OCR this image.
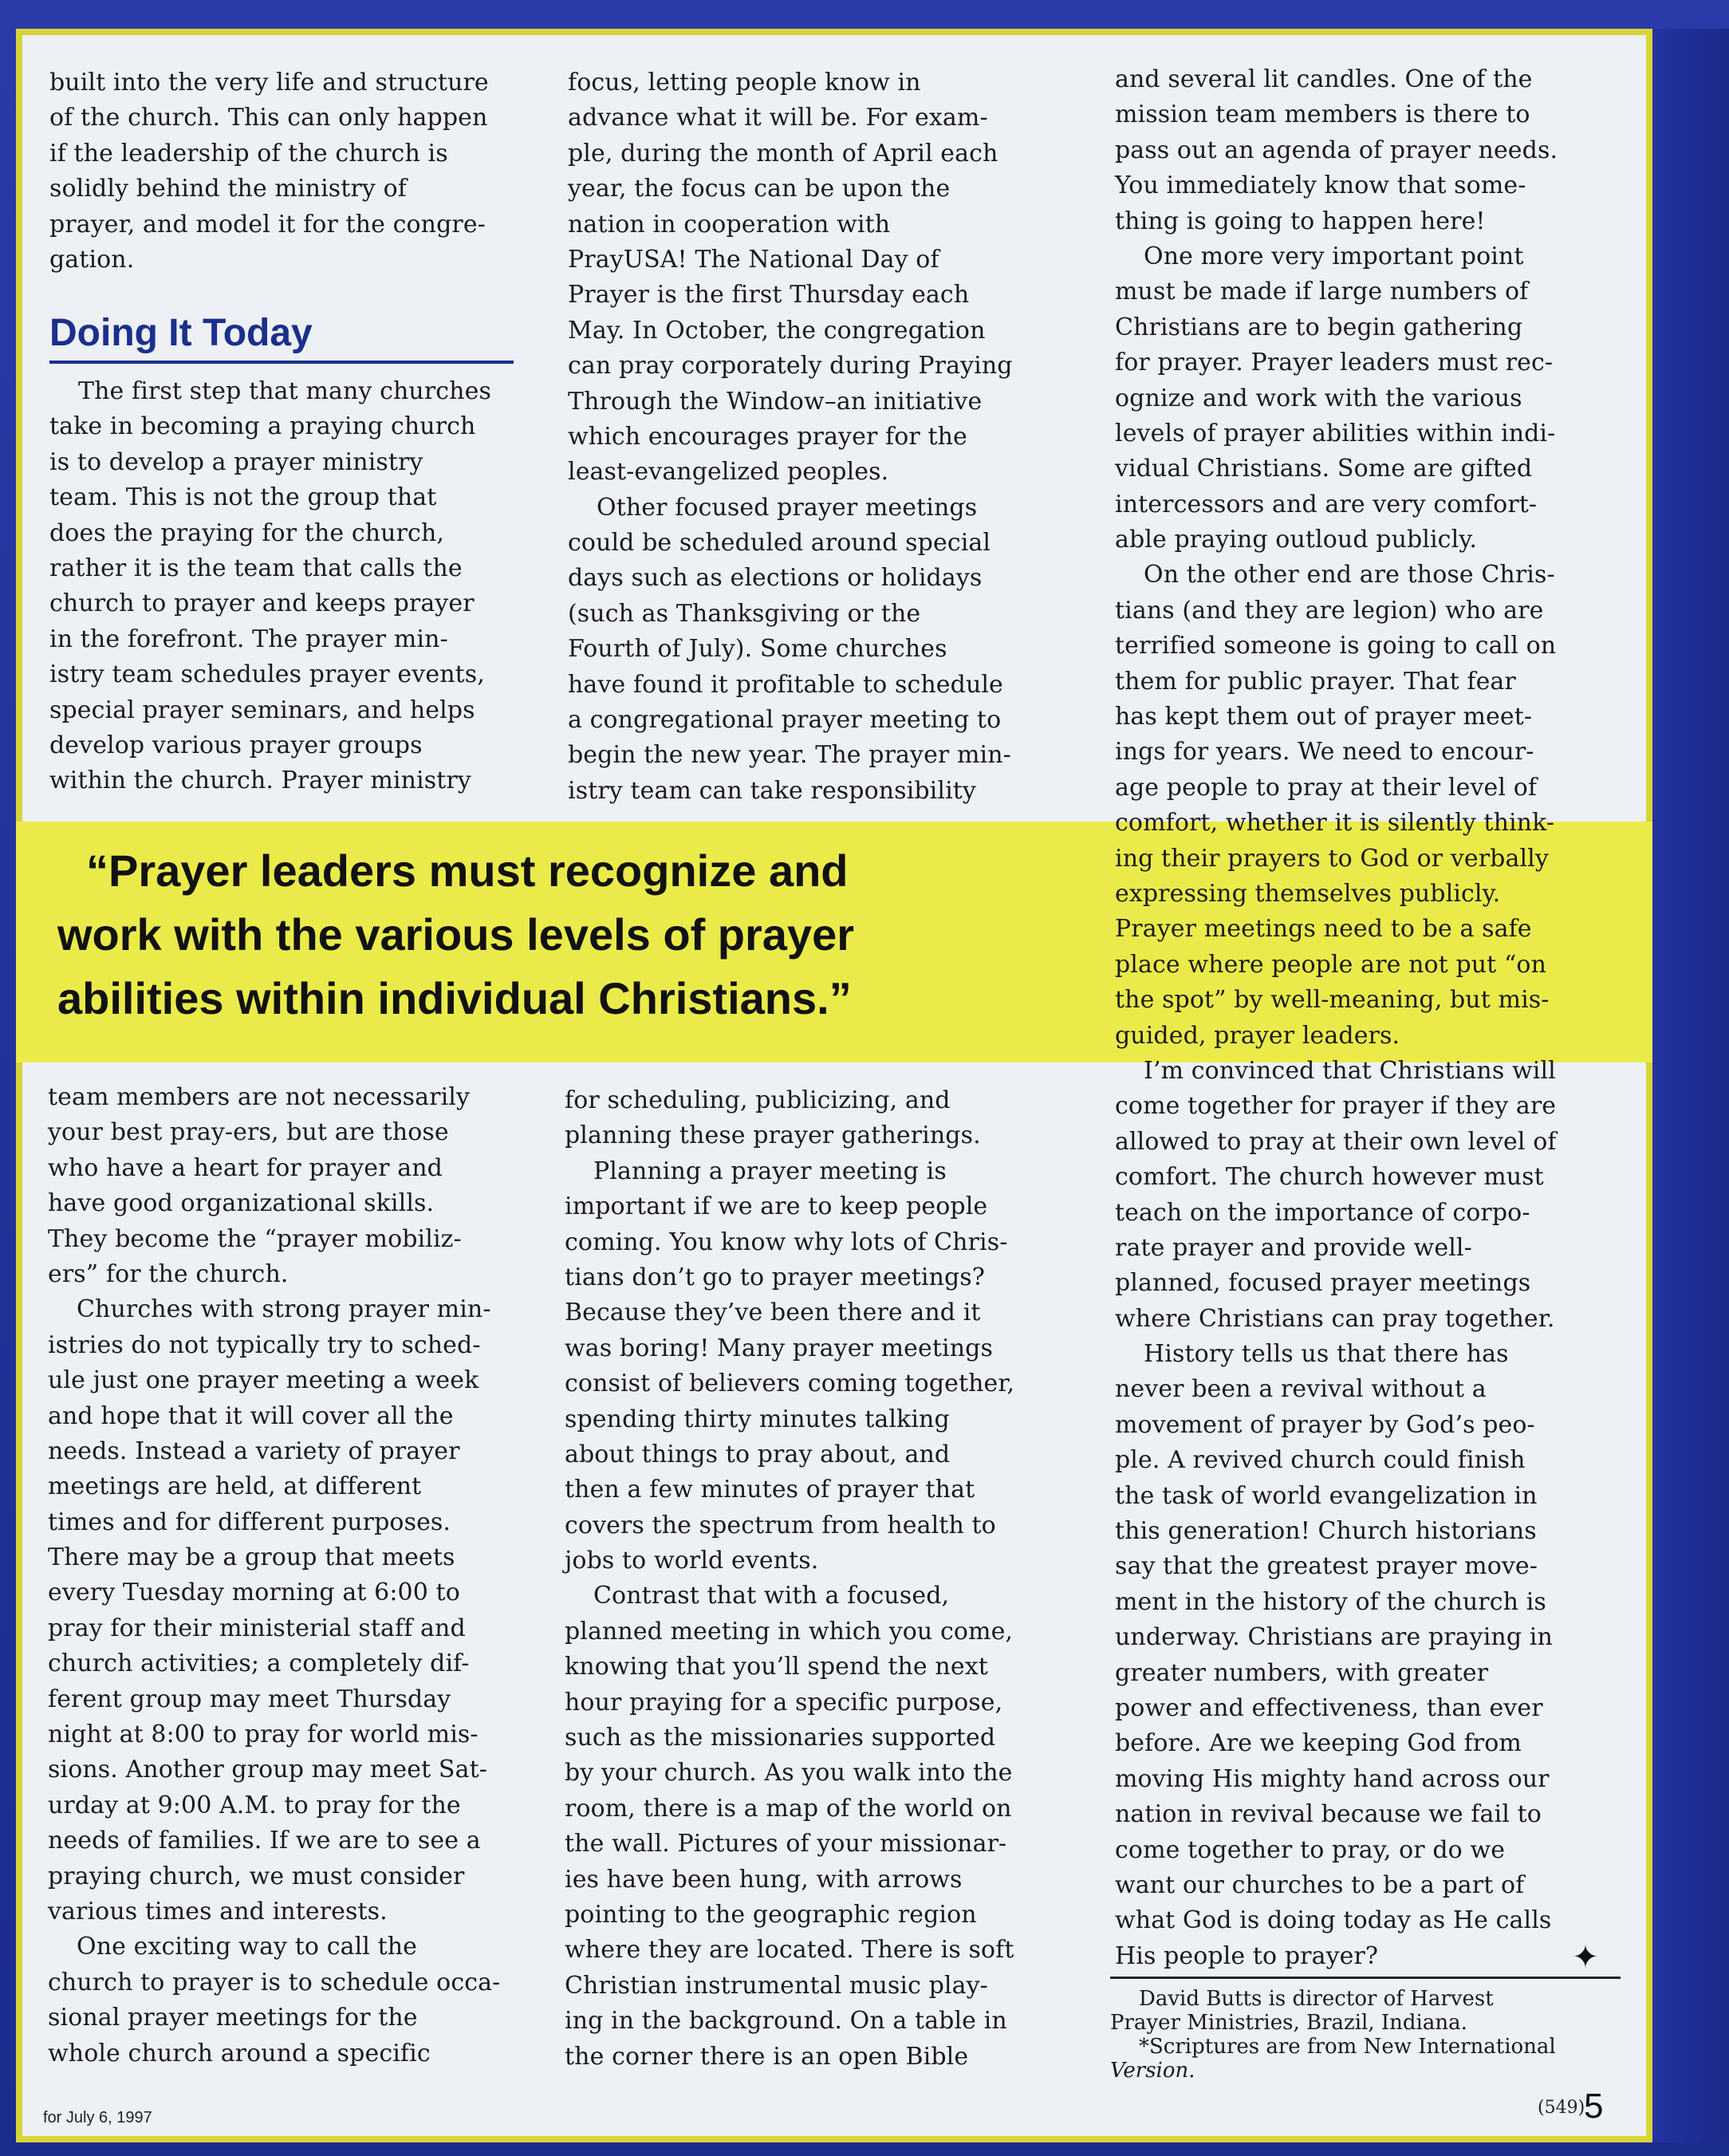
built into the very life and structure
of the church. This can only happen
if the leadership of the church is
solidly behind the ministry of
prayer, and model it for the congre-
gation.
Doing It Today
The first step that many churches
take in becoming a praying church
is to develop a prayer ministry
team. This is not the group that
does the praying for the church,
rather it is the team that calls the
church to prayer and keeps prayer
in the forefront. The prayer min-
istry team schedules prayer events,
special prayer seminars, and helps
develop various prayer groups
within the church. Prayer ministry
focus, letting people know in
advance what it will be. For exam-
ple, during the month of April each
year, the focus can be upon the
nation in cooperation with
PrayUSA! The National Day of
Prayer is the first Thursday each
May. In October, the congregation
can pray corporately during Praying
Through the Window–an initiative
which encourages prayer for the
least-evangelized peoples.
Other focused prayer meetings
could be scheduled around special
days such as elections or holidays
(such as Thanksgiving or the
Fourth of July). Some churches
have found it profitable to schedule
a congregational prayer meeting to
begin the new year. The prayer min-
istry team can take responsibility
and several lit candles. One of the
mission team members is there to
pass out an agenda of prayer needs.
You immediately know that some-
thing is going to happen here!
One more very important point
must be made if large numbers of
Christians are to begin gathering
for prayer. Prayer leaders must rec-
ognize and work with the various
levels of prayer abilities within indi-
vidual Christians. Some are gifted
intercessors and are very comfort-
able praying outloud publicly.
On the other end are those Chris-
tians (and they are legion) who are
terrified someone is going to call on
them for public prayer. That fear
has kept them out of prayer meet-
ings for years. We need to encour-
age people to pray at their level of
comfort, whether it is silently think-
ing their prayers to God or verbally
expressing themselves publicly.
Prayer meetings need to be a safe
place where people are not put “on
the spot” by well-meaning, but mis-
guided, prayer leaders.
I’m convinced that Christians will
come together for prayer if they are
allowed to pray at their own level of
comfort. The church however must
teach on the importance of corpo-
rate prayer and provide well-
planned, focused prayer meetings
where Christians can pray together.
History tells us that there has
never been a revival without a
movement of prayer by God’s peo-
ple. A revived church could finish
the task of world evangelization in
this generation! Church historians
say that the greatest prayer move-
ment in the history of the church is
underway. Christians are praying in
greater numbers, with greater
power and effectiveness, than ever
before. Are we keeping God from
moving His mighty hand across our
nation in revival because we fail to
come together to pray, or do we
want our churches to be a part of
what God is doing today as He calls
His people to prayer?
“Prayer leaders must recognize and
work with the various levels of prayer
abilities within individual Christians.”
team members are not necessarily
your best pray-ers, but are those
who have a heart for prayer and
have good organizational skills.
They become the “prayer mobiliz-
ers” for the church.
Churches with strong prayer min-
istries do not typically try to sched-
ule just one prayer meeting a week
and hope that it will cover all the
needs. Instead a variety of prayer
meetings are held, at different
times and for different purposes.
There may be a group that meets
every Tuesday morning at 6:00 to
pray for their ministerial staff and
church activities; a completely dif-
ferent group may meet Thursday
night at 8:00 to pray for world mis-
sions. Another group may meet Sat-
urday at 9:00 A.M. to pray for the
needs of families. If we are to see a
praying church, we must consider
various times and interests.
One exciting way to call the
church to prayer is to schedule occa-
sional prayer meetings for the
whole church around a specific
for scheduling, publicizing, and
planning these prayer gatherings.
Planning a prayer meeting is
important if we are to keep people
coming. You know why lots of Chris-
tians don’t go to prayer meetings?
Because they’ve been there and it
was boring! Many prayer meetings
consist of believers coming together,
spending thirty minutes talking
about things to pray about, and
then a few minutes of prayer that
covers the spectrum from health to
jobs to world events.
Contrast that with a focused,
planned meeting in which you come,
knowing that you’ll spend the next
hour praying for a specific purpose,
such as the missionaries supported
by your church. As you walk into the
room, there is a map of the world on
the wall. Pictures of your missionar-
ies have been hung, with arrows
pointing to the geographic region
where they are located. There is soft
Christian instrumental music play-
ing in the background. On a table in
the corner there is an open Bible
✦
David Butts is director of Harvest
Prayer Ministries, Brazil, Indiana.
*Scriptures are from New International
Version.
for July 6, 1997	(549)
5
